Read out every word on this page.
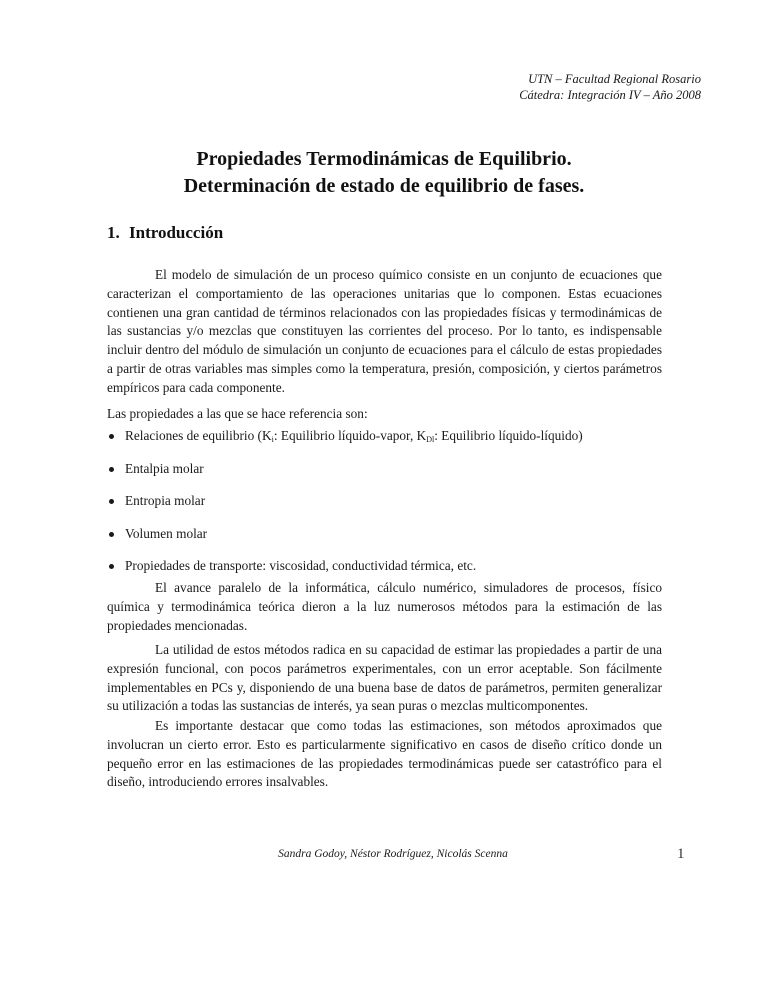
UTN – Facultad Regional Rosario
Cátedra: Integración IV – Año 2008
Propiedades Termodinámicas de Equilibrio.
Determinación de estado de equilibrio de fases.
1. Introducción

El modelo de simulación de un proceso químico consiste en un conjunto de ecuaciones que caracterizan el comportamiento de las operaciones unitarias que lo componen. Estas ecuaciones contienen una gran cantidad de términos relacionados con las propiedades físicas y termodinámicas de las sustancias y/o mezclas que constituyen las corrientes del proceso. Por lo tanto, es indispensable incluir dentro del módulo de simulación un conjunto de ecuaciones para el cálculo de estas propiedades a partir de otras variables mas simples como la temperatura, presión, composición, y ciertos parámetros empíricos para cada componente.

Las propiedades a las que se hace referencia son:

Relaciones de equilibrio ($K_i$: Equilibrio líquido-vapor, $K_{Dl}$: Equilibrio líquido-líquido)
Entalpia molar
Entropia molar
Volumen molar
Propiedades de transporte: viscosidad, conductividad térmica, etc.

El avance paralelo de la informática, cálculo numérico, simuladores de procesos, físico química y termodinámica teórica dieron a la luz numerosos métodos para la estimación de las propiedades mencionadas.

La utilidad de estos métodos radica en su capacidad de estimar las propiedades a partir de una expresión funcional, con pocos parámetros experimentales, con un error aceptable. Son fácilmente implementables en PCs y, disponiendo de una buena base de datos de parámetros, permiten generalizar su utilización a todas las sustancias de interés, ya sean puras o mezclas multicomponentes.

Es importante destacar que como todas las estimaciones, son métodos aproximados que involucran un cierto error. Esto es particularmente significativo en casos de diseño crítico donde un pequeño error en las estimaciones de las propiedades termodinámicas puede ser catastrófico para el diseño, introduciendo errores insalvables.

Sandra Godoy, Néstor Rodríguez, Nicolás Scenna	1
